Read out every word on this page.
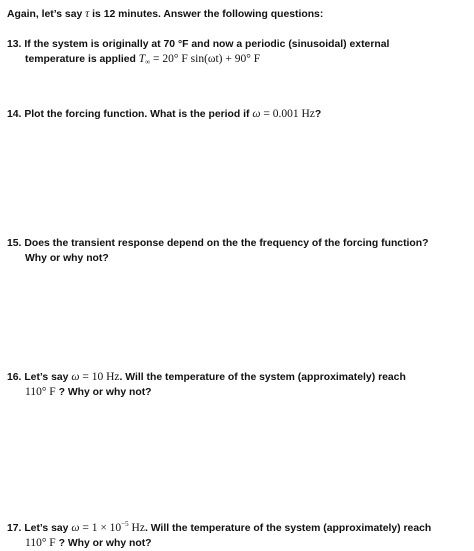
Again, let’s say τ is 12 minutes. Answer the following questions:
13. If the system is originally at 70 °F and now a periodic (sinusoidal) external
temperature is applied $T_\infty = 20^\circ$ F sin(ωt) + 90° F
14. Plot the forcing function. What is the period if ω = 0.001 Hz?
15. Does the transient response depend on the the frequency of the forcing function?
Why or why not?
16. Let’s say ω = 10 Hz. Will the temperature of the system (approximately) reach
110° F ? Why or why not?
17. Let’s say $\omega = 1 \times 10^{-5}$ Hz. Will the temperature of the system (approximately) reach
110° F ? Why or why not?
